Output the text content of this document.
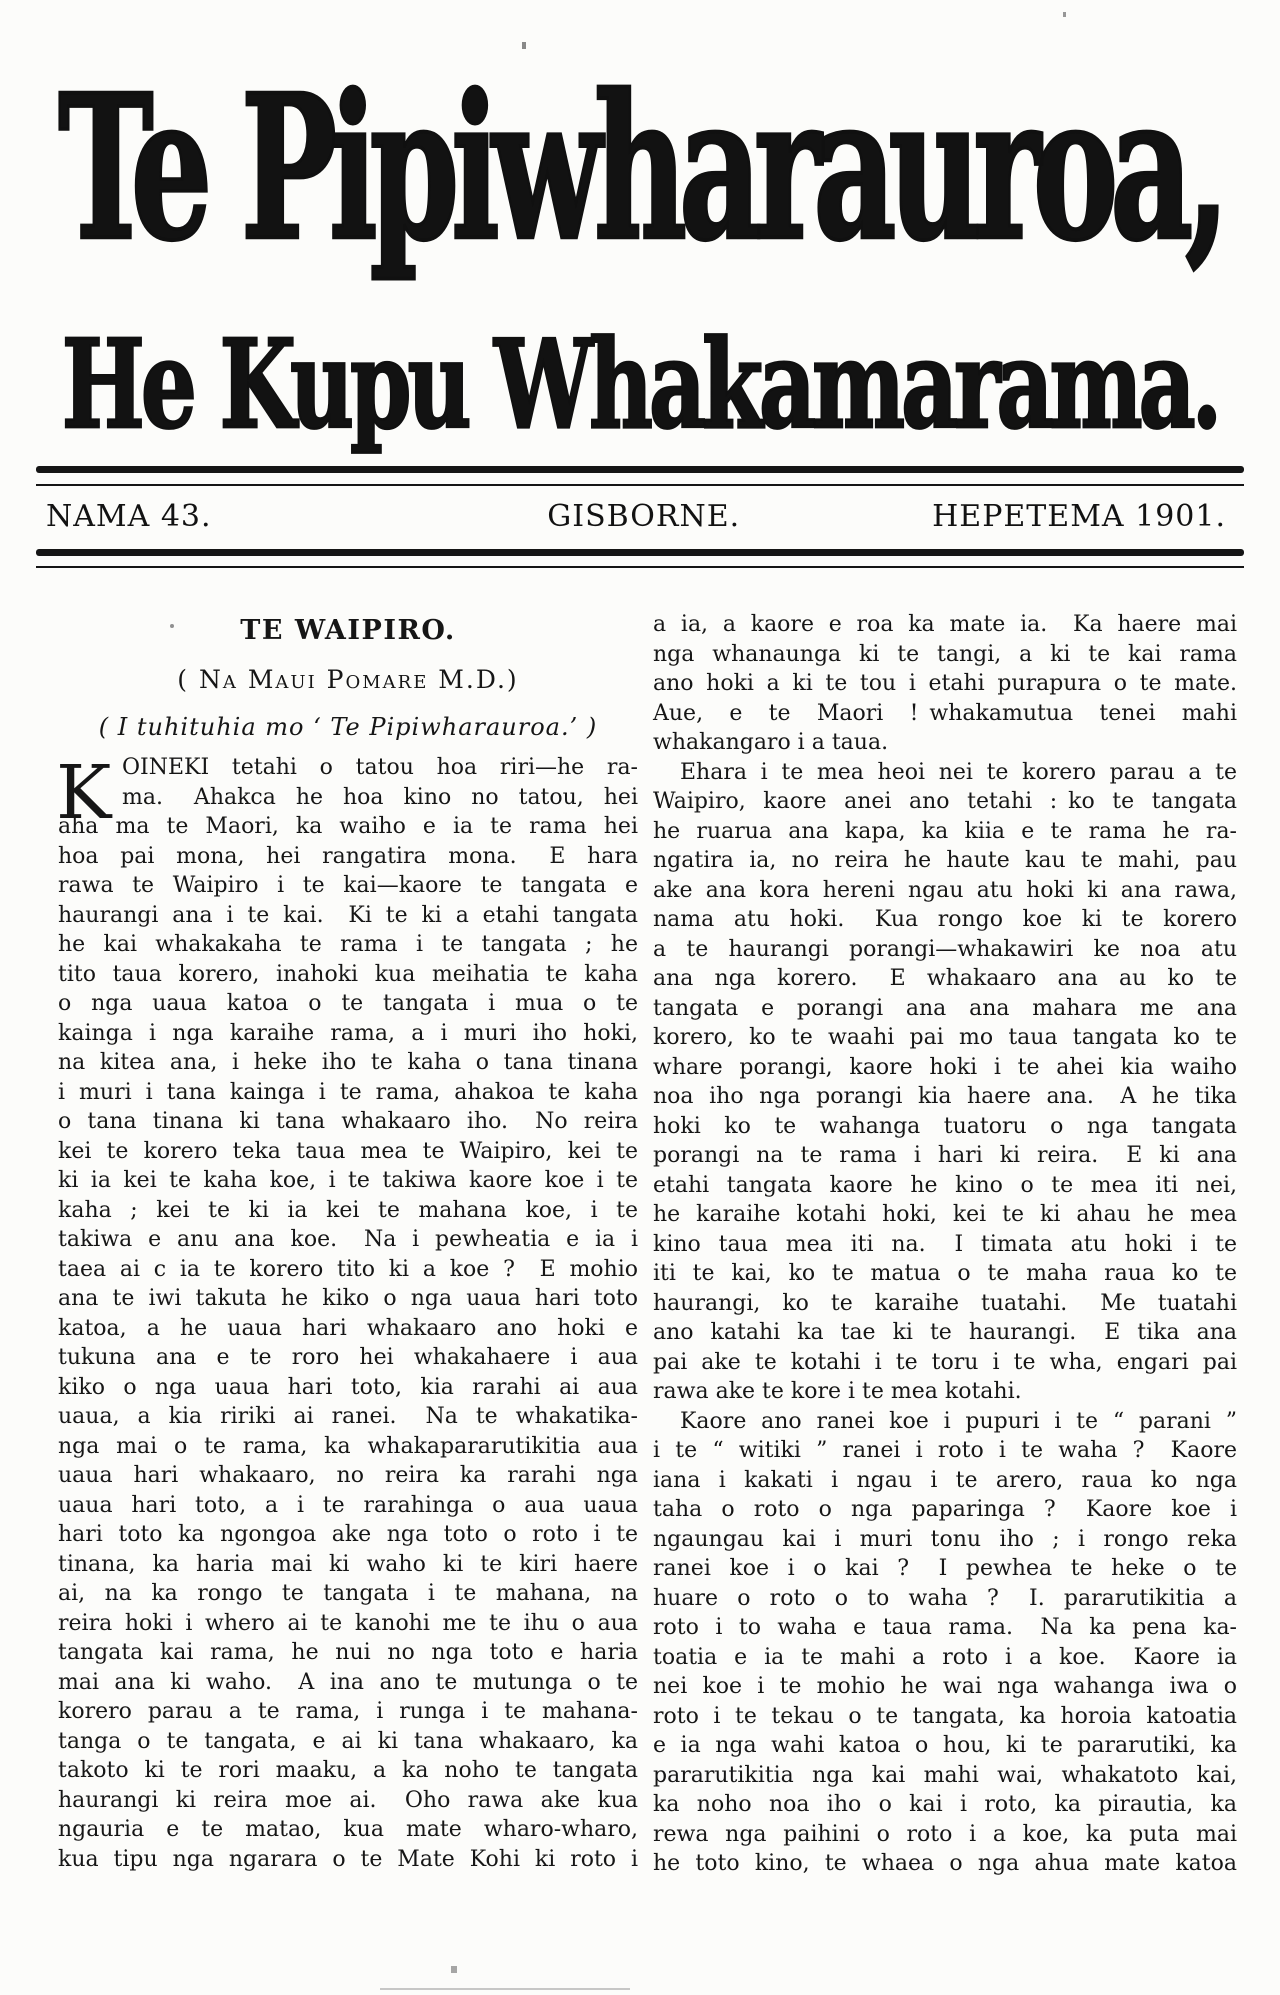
Te Pipiwharauroa,
He Kupu Whakamarama.
NAMA 43.	GISBORNE.	HEPETEMA 1901.
TE WAIPIRO.
( Na Maui Pomare M.D.)
( I tuhituhia mo ‘ Te Pipiwharauroa.’ )
K OINEKI tetahi o tatou hoa riri—he ra-
ma.  Ahakca he hoa kino no tatou, hei
aha ma te Maori, ka waiho e ia te rama hei
hoa pai mona, hei rangatira mona.  E hara
rawa te Waipiro i te kai—kaore te tangata e
haurangi ana i te kai.  Ki te ki a etahi tangata
he kai whakakaha te rama i te tangata ; he
tito taua korero, inahoki kua meihatia te kaha
o nga uaua katoa o te tangata i mua o te
kainga i nga karaihe rama, a i muri iho hoki,
na kitea ana, i heke iho te kaha o tana tinana
i muri i tana kainga i te rama, ahakoa te kaha
o tana tinana ki tana whakaaro iho.  No reira
kei te korero teka taua mea te Waipiro, kei te
ki ia kei te kaha koe, i te takiwa kaore koe i te
kaha ; kei te ki ia kei te mahana koe, i te
takiwa e anu ana koe.  Na i pewheatia e ia i
taea ai c ia te korero tito ki a koe ?  E mohio
ana te iwi takuta he kiko o nga uaua hari toto
katoa, a he uaua hari whakaaro ano hoki e
tukuna ana e te roro hei whakahaere i aua
kiko o nga uaua hari toto, kia rarahi ai aua
uaua, a kia ririki ai ranei.  Na te whakatika-
nga mai o te rama, ka whakapararutikitia aua
uaua hari whakaaro, no reira ka rarahi nga
uaua hari toto, a i te rarahinga o aua uaua
hari toto ka ngongoa ake nga toto o roto i te
tinana, ka haria mai ki waho ki te kiri haere
ai, na ka rongo te tangata i te mahana, na
reira hoki i whero ai te kanohi me te ihu o aua
tangata kai rama, he nui no nga toto e haria
mai ana ki waho.  A ina ano te mutunga o te
korero parau a te rama, i runga i te mahana-
tanga o te tangata, e ai ki tana whakaaro, ka
takoto ki te rori maaku, a ka noho te tangata
haurangi ki reira moe ai.  Oho rawa ake kua
ngauria e te matao, kua mate wharo-wharo,
kua tipu nga ngarara o te Mate Kohi ki roto i
a ia, a kaore e roa ka mate ia.  Ka haere mai
nga whanaunga ki te tangi, a ki te kai rama
ano hoki a ki te tou i etahi purapura o te mate.
Aue, e te Maori ! whakamutua tenei mahi
whakangaro i a taua.
Ehara i te mea heoi nei te korero parau a te
Waipiro, kaore anei ano tetahi : ko te tangata
he ruarua ana kapa, ka kiia e te rama he ra-
ngatira ia, no reira he haute kau te mahi, pau
ake ana kora hereni ngau atu hoki ki ana rawa,
nama atu hoki.  Kua rongo koe ki te korero
a te haurangi porangi—whakawiri ke noa atu
ana nga korero.  E whakaaro ana au ko te
tangata e porangi ana ana mahara me ana
korero, ko te waahi pai mo taua tangata ko te
whare porangi, kaore hoki i te ahei kia waiho
noa iho nga porangi kia haere ana.  A he tika
hoki ko te wahanga tuatoru o nga tangata
porangi na te rama i hari ki reira.  E ki ana
etahi tangata kaore he kino o te mea iti nei,
he karaihe kotahi hoki, kei te ki ahau he mea
kino taua mea iti na.  I timata atu hoki i te
iti te kai, ko te matua o te maha raua ko te
haurangi, ko te karaihe tuatahi.  Me tuatahi
ano katahi ka tae ki te haurangi.  E tika ana
pai ake te kotahi i te toru i te wha, engari pai
rawa ake te kore i te mea kotahi.
Kaore ano ranei koe i pupuri i te “ parani ”
i te “ witiki ” ranei i roto i te waha ?  Kaore
iana i kakati i ngau i te arero, raua ko nga
taha o roto o nga paparinga ?  Kaore koe i
ngaungau kai i muri tonu iho ; i rongo reka
ranei koe i o kai ?  I pewhea te heke o te
huare o roto o to waha ?  I. pararutikitia a
roto i to waha e taua rama.  Na ka pena ka-
toatia e ia te mahi a roto i a koe.  Kaore ia
nei koe i te mohio he wai nga wahanga iwa o
roto i te tekau o te tangata, ka horoia katoatia
e ia nga wahi katoa o hou, ki te pararutiki, ka
pararutikitia nga kai mahi wai, whakatoto kai,
ka noho noa iho o kai i roto, ka pirautia, ka
rewa nga paihini o roto i a koe, ka puta mai
he toto kino, te whaea o nga ahua mate katoa
